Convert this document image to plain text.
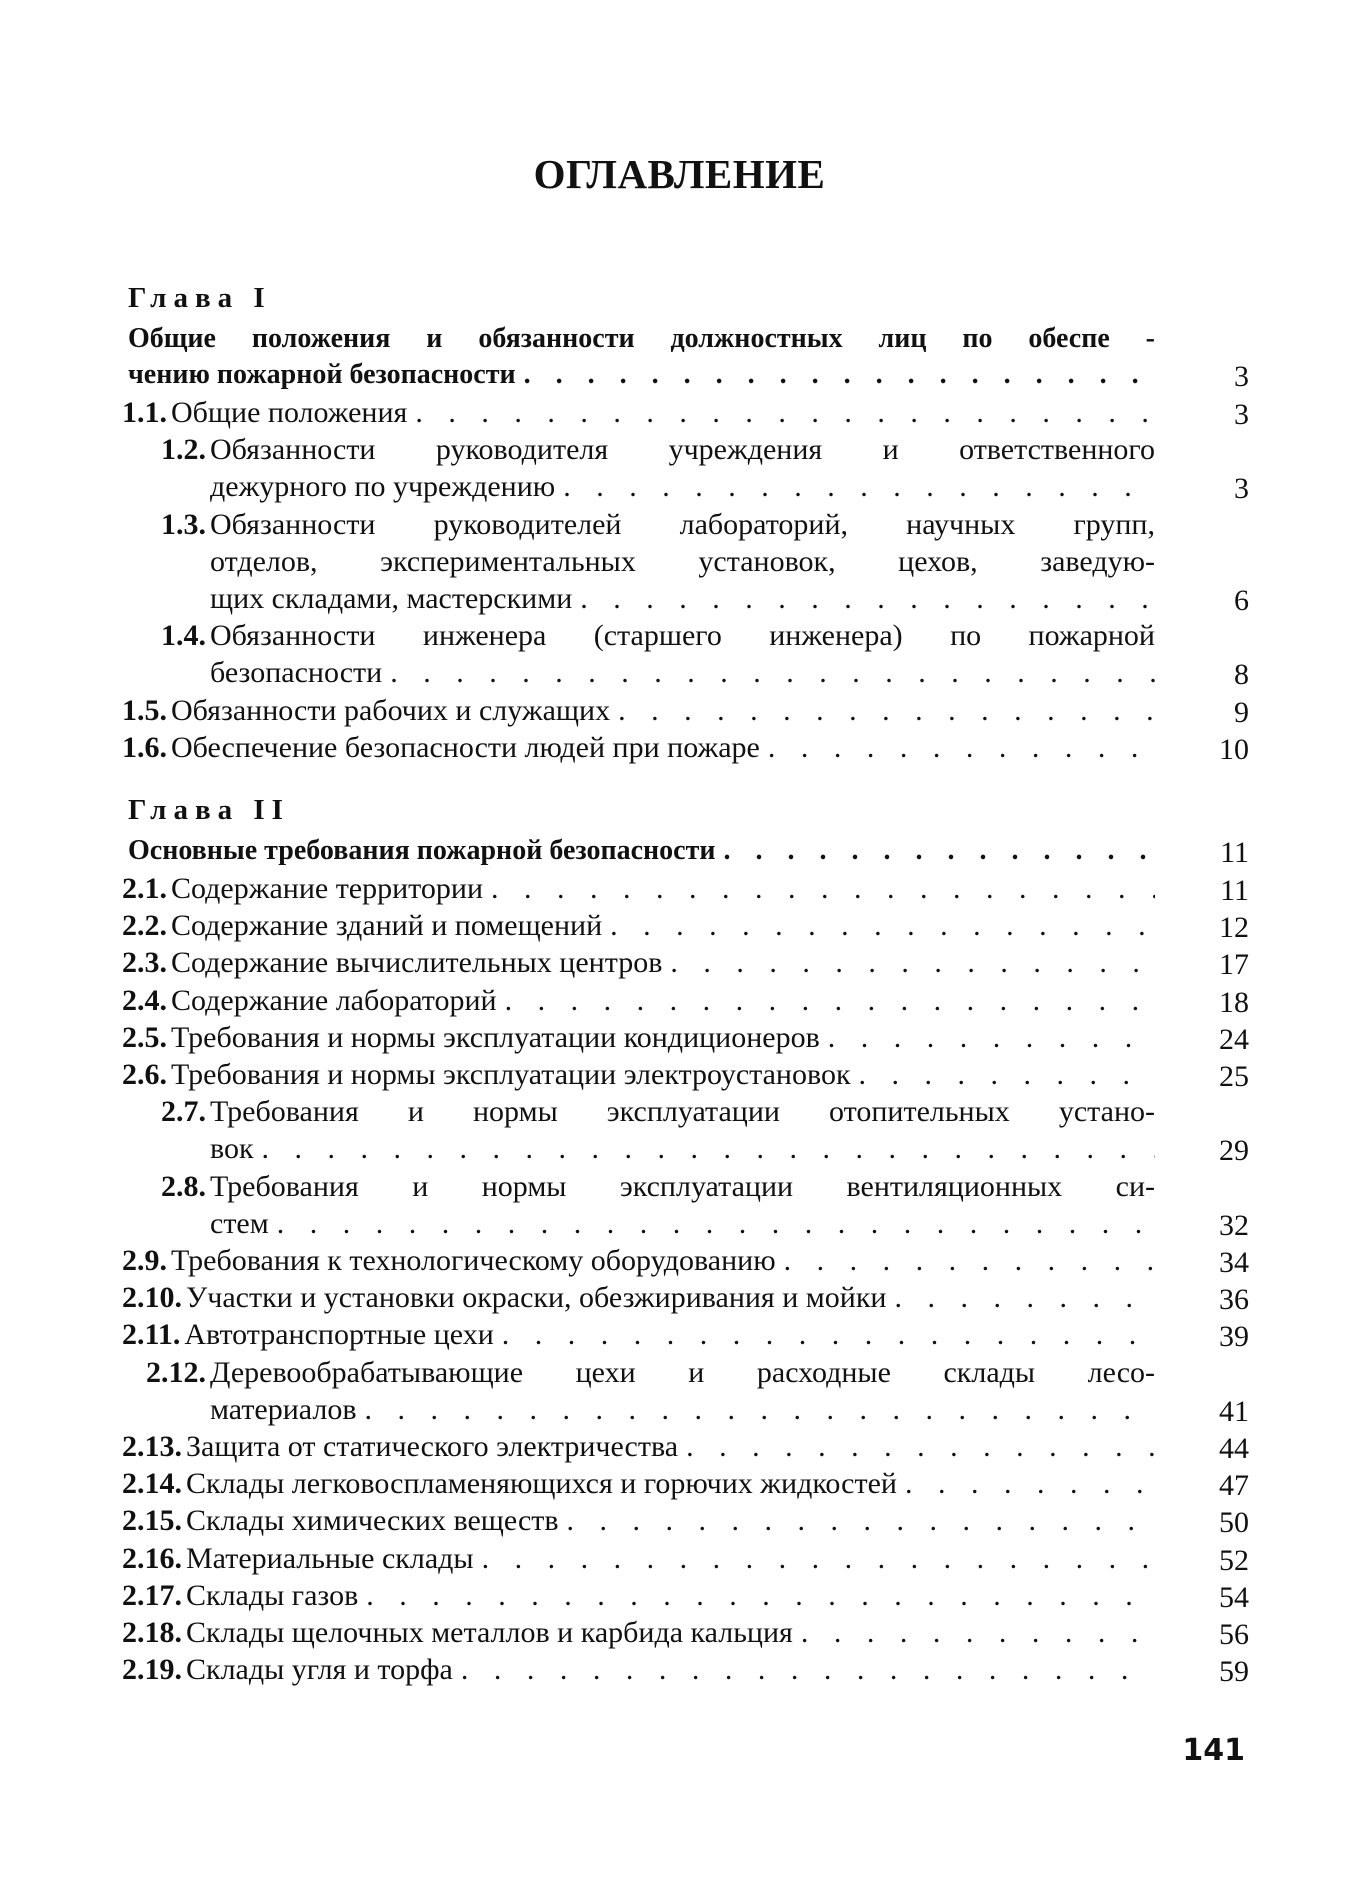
ОГЛАВЛЕНИЕ
Глава I
Общие положения и обязанности должностных лиц по обеспе -
чению пожарной безопасности . . .	3
1.1. Общие положения . . .	3
1.2. Обязанности руководителя учреждения и ответственного
дежурного по учреждению . . .	3
1.3. Обязанности руководителей лабораторий, научных групп,
отделов, экспериментальных установок, цехов, заведую-
щих складами, мастерскими . . .	6
1.4. Обязанности инженера (старшего инженера) по пожарной
безопасности . . .	8
1.5. Обязанности рабочих и служащих . . .	9
1.6. Обеспечение безопасности людей при пожаре . . .	10
Глава II
Основные требования пожарной безопасности . . .	11
2.1. Содержание территории . . .	11
2.2. Содержание зданий и помещений . . .	12
2.3. Содержание вычислительных центров . . .	17
2.4. Содержание лабораторий . . .	18
2.5. Требования и нормы эксплуатации кондиционеров . . .	24
2.6. Требования и нормы эксплуатации электроустановок . . .	25
2.7. Требования и нормы эксплуатации отопительных устано-
вок . . .	29
2.8. Требования и нормы эксплуатации вентиляционных си-
стем . . .	32
2.9. Требования к технологическому оборудованию . . .	34
2.10. Участки и установки окраски, обезжиривания и мойки . . .	36
2.11. Автотранспортные цехи . . .	39
2.12. Деревообрабатывающие цехи и расходные склады лесо-
материалов . . .	41
2.13. Защита от статического электричества . . .	44
2.14. Склады легковоспламеняющихся и горючих жидкостей . . .	47
2.15. Склады химических веществ . . .	50
2.16. Материальные склады . . .	52
2.17. Склады газов . . .	54
2.18. Склады щелочных металлов и карбида кальция . . .	56
2.19. Склады угля и торфа . . .	59
141
